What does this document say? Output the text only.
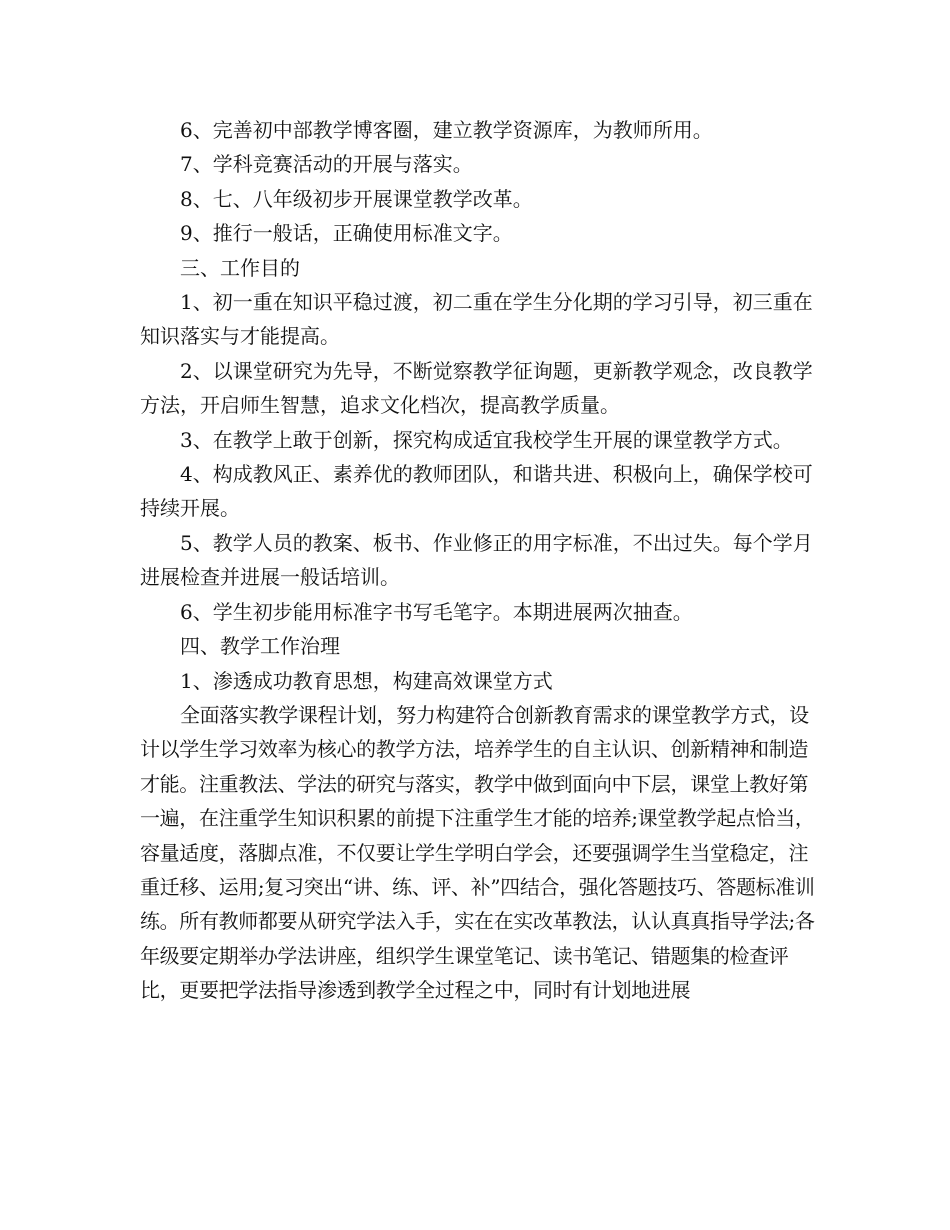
6、完善初中部教学博客圈，建立教学资源库，为教师所用。

7、学科竞赛活动的开展与落实。

8、七、八年级初步开展课堂教学改革。

9、推行一般话，正确使用标准文字。

三、工作目的

1、初一重在知识平稳过渡，初二重在学生分化期的学习引导，初三重在知识落实与才能提高。

2、以课堂研究为先导，不断觉察教学征询题，更新教学观念，改良教学方法，开启师生智慧，追求文化档次，提高教学质量。

3、在教学上敢于创新，探究构成适宜我校学生开展的课堂教学方式。

4、构成教风正、素养优的教师团队，和谐共进、积极向上，确保学校可持续开展。

5、教学人员的教案、板书、作业修正的用字标准，不出过失。每个学月进展检查并进展一般话培训。

6、学生初步能用标准字书写毛笔字。本期进展两次抽查。

四、教学工作治理

1、渗透成功教育思想，构建高效课堂方式

全面落实教学课程计划，努力构建符合创新教育需求的课堂教学方式，设计以学生学习效率为核心的教学方法，培养学生的自主认识、创新精神和制造才能。注重教法、学法的研究与落实，教学中做到面向中下层，课堂上教好第一遍，在注重学生知识积累的前提下注重学生才能的培养;课堂教学起点恰当，容量适度，落脚点准，不仅要让学生学明白学会，还要强调学生当堂稳定，注重迁移、运用;复习突出“讲、练、评、补”四结合，强化答题技巧、答题标准训练。所有教师都要从研究学法入手，实在在实改革教法，认认真真指导学法;各年级要定期举办学法讲座，组织学生课堂笔记、读书笔记、错题集的检查评比，更要把学法指导渗透到教学全过程之中，同时有计划地进展
